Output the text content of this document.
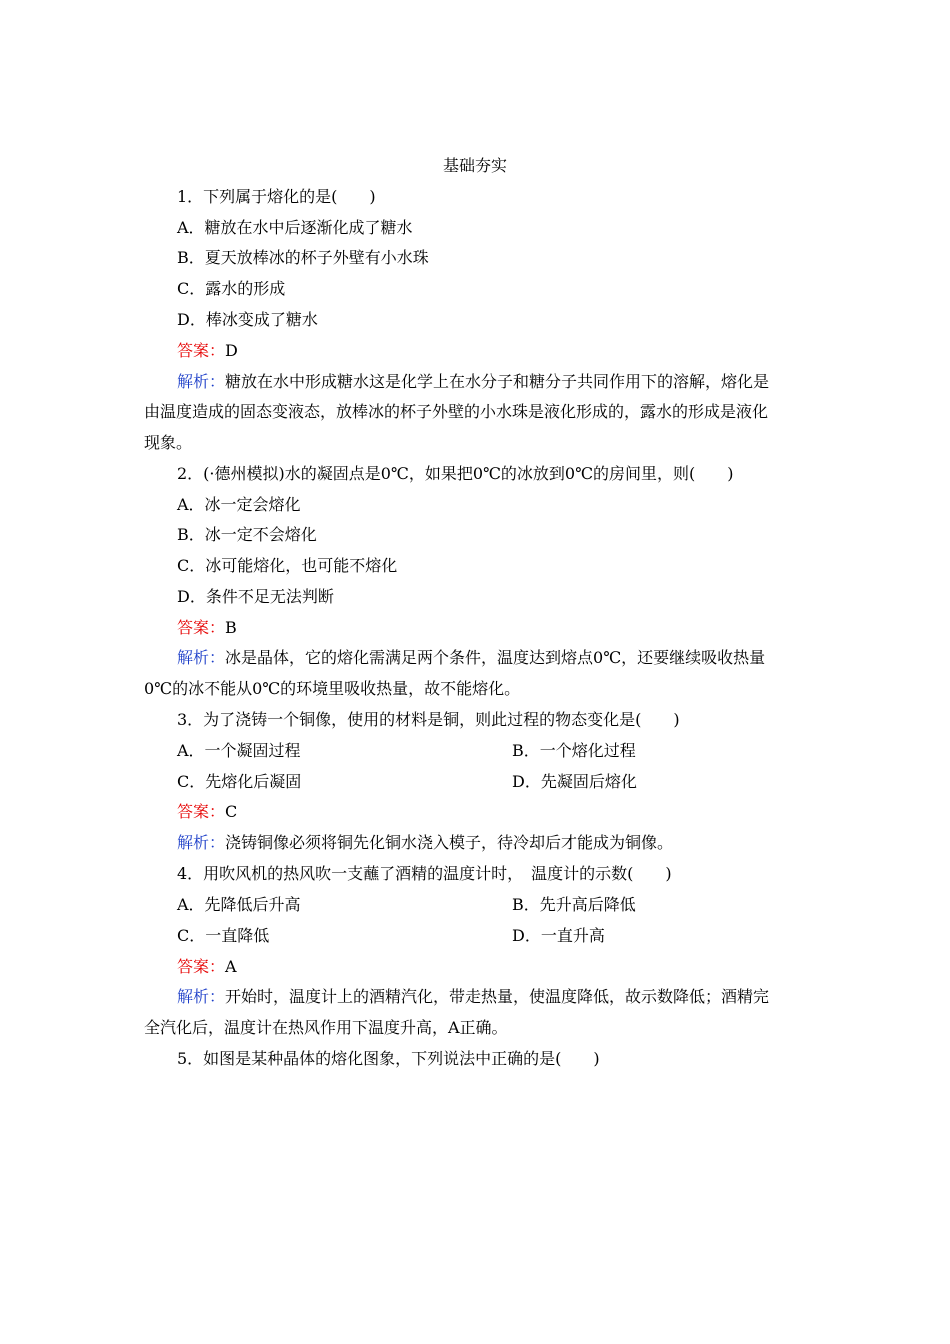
基础夯实
1．下列属于熔化的是(　　)
A．糖放在水中后逐渐化成了糖水
B．夏天放棒冰的杯子外壁有小水珠
C．露水的形成
D．棒冰变成了糖水
答案：D
解析：糖放在水中形成糖水这是化学上在水分子和糖分子共同作用下的溶解，熔化是
由温度造成的固态变液态，放棒冰的杯子外壁的小水珠是液化形成的，露水的形成是液化
现象。
2．(·德州模拟)水的凝固点是0℃，如果把0℃的冰放到0℃的房间里，则(　　)
A．冰一定会熔化
B．冰一定不会熔化
C．冰可能熔化，也可能不熔化
D．条件不足无法判断
答案：B
解析：冰是晶体，它的熔化需满足两个条件，温度达到熔点0℃，还要继续吸收热量
0℃的冰不能从0℃的环境里吸收热量，故不能熔化。
3．为了浇铸一个铜像，使用的材料是铜，则此过程的物态变化是(　　)
A．一个凝固过程	B．一个熔化过程
C．先熔化后凝固	D．先凝固后熔化
答案：C
解析：浇铸铜像必须将铜先化铜水浇入模子，待冷却后才能成为铜像。
4．用吹风机的热风吹一支蘸了酒精的温度计时，　温度计的示数(　　)
A．先降低后升高	B．先升高后降低
C．一直降低	D．一直升高
答案：A
解析：开始时，温度计上的酒精汽化，带走热量，使温度降低，故示数降低；酒精完
全汽化后，温度计在热风作用下温度升高，A正确。
5．如图是某种晶体的熔化图象，下列说法中正确的是(　　)
